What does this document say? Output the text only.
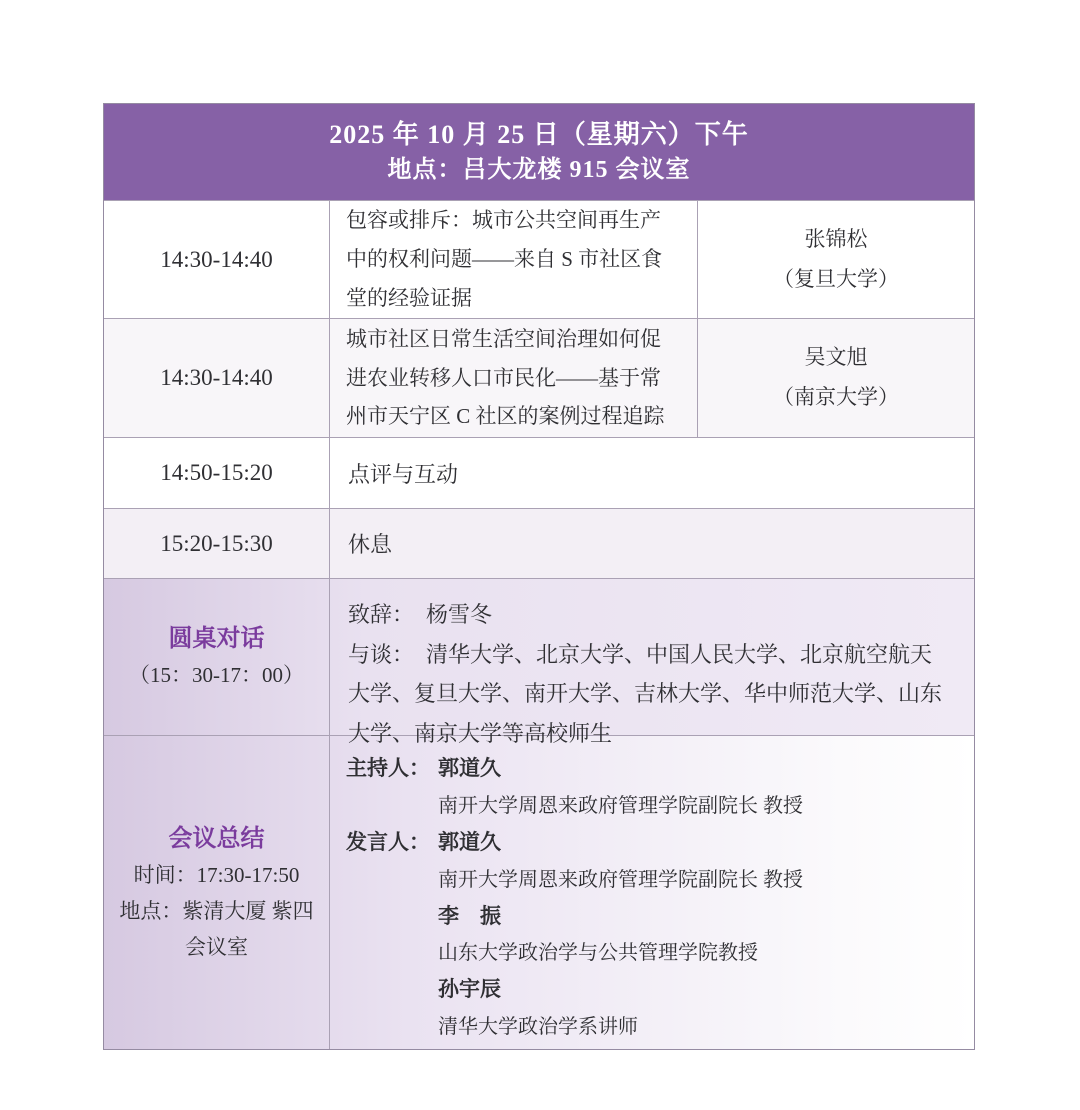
2025 年 10 月 25 日（星期六）下午
地点：吕大龙楼 915 会议室
14:30-14:40
包容或排斥：城市公共空间再生产中的权利问题——来自 S 市社区食堂的经验证据
张锦松
（复旦大学）
14:30-14:40
城市社区日常生活空间治理如何促进农业转移人口市民化——基于常州市天宁区 C 社区的案例过程追踪
吴文旭
（南京大学）
14:50-15:20	点评与互动
15:20-15:30	休息
圆桌对话
（15：30-17：00）
致辞： 杨雪冬
与谈： 清华大学、北京大学、中国人民大学、北京航空航天大学、复旦大学、南开大学、吉林大学、华中师范大学、山东大学、南京大学等高校师生
会议总结
时间：17:30-17:50
地点：紫清大厦 紫四会议室
主持人： 郭道久
南开大学周恩来政府管理学院副院长 教授
发言人： 郭道久
南开大学周恩来政府管理学院副院长 教授
李　振
山东大学政治学与公共管理学院教授
孙宇辰
清华大学政治学系讲师
